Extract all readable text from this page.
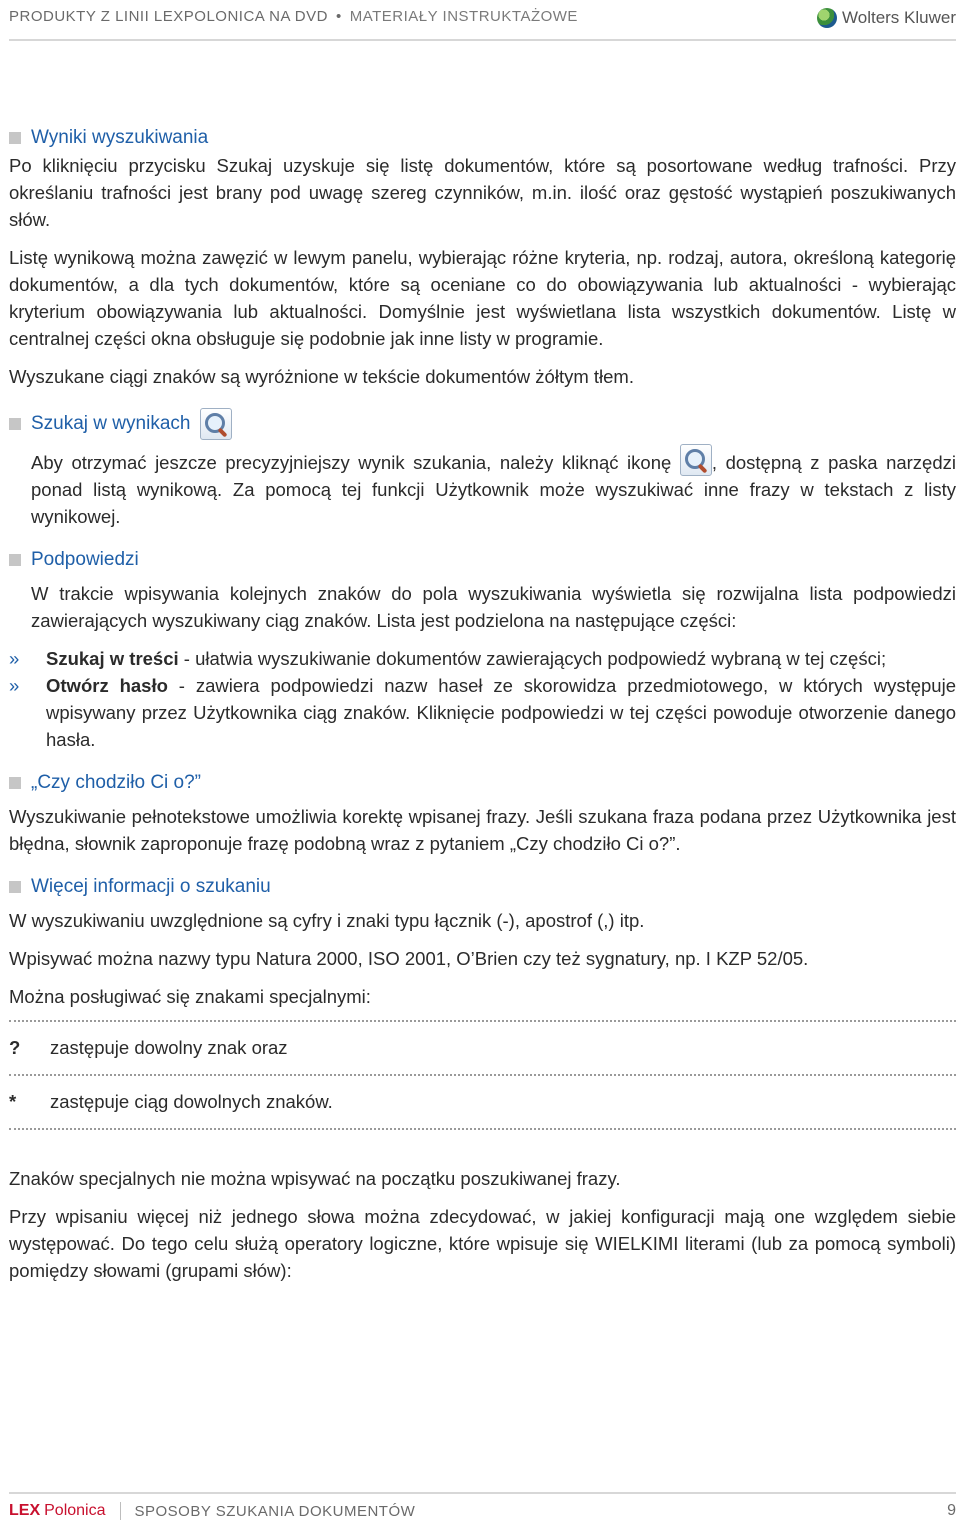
PRODUKTY Z LINII LEXPOLONICA NA DVD • MATERIAŁY INSTRUKTAŻOWE	Wolters Kluwer
Wyniki wyszukiwania

Po kliknięciu przycisku Szukaj uzyskuje się listę dokumentów, które są posortowane według trafności. Przy określaniu trafności jest brany pod uwagę szereg czynników, m.in. ilość oraz gęstość wystąpień poszukiwanych słów.

Listę wynikową można zawęzić w lewym panelu, wybierając różne kryteria, np. rodzaj, autora, określoną kategorię dokumentów, a dla tych dokumentów, które są oceniane co do obowiązywania lub aktualności - wybierając kryterium obowiązywania lub aktualności. Domyślnie jest wyświetlana lista wszystkich dokumentów. Listę w centralnej części okna obsługuje się podobnie jak inne listy w programie.

Wyszukane ciągi znaków są wyróżnione w tekście dokumentów żółtym tłem.

Szukaj w wynikach

Aby otrzymać jeszcze precyzyjniejszy wynik szukania, należy kliknąć ikonę , dostępną z paska narzędzi ponad listą wynikową. Za pomocą tej funkcji Użytkownik może wyszukiwać inne frazy w tekstach z listy wynikowej.

Podpowiedzi

W trakcie wpisywania kolejnych znaków do pola wyszukiwania wyświetla się rozwijalna lista podpowiedzi zawierających wyszukiwany ciąg znaków. Lista jest podzielona na następujące części:

» Szukaj w treści - ułatwia wyszukiwanie dokumentów zawierających podpowiedź wybraną w tej części;
» Otwórz hasło - zawiera podpowiedzi nazw haseł ze skorowidza przedmiotowego, w których występuje wpisywany przez Użytkownika ciąg znaków. Kliknięcie podpowiedzi w tej części powoduje otworzenie danego hasła.
„Czy chodziło Ci o?”

Wyszukiwanie pełnotekstowe umożliwia korektę wpisanej frazy. Jeśli szukana fraza podana przez Użytkownika jest błędna, słownik zaproponuje frazę podobną wraz z pytaniem „Czy chodziło Ci o?”.

Więcej informacji o szukaniu

W wyszukiwaniu uwzględnione są cyfry i znaki typu łącznik (-), apostrof (,) itp.

Wpisywać można nazwy typu Natura 2000, ISO 2001, O’Brien czy też sygnatury, np. I KZP 52/05.

Można posługiwać się znakami specjalnymi:

?	zastępuje dowolny znak oraz
*	zastępuje ciąg dowolnych znaków.

Znaków specjalnych nie można wpisywać na początku poszukiwanej frazy.

Przy wpisaniu więcej niż jednego słowa można zdecydować, w jakiej konfiguracji mają one względem siebie występować. Do tego celu służą operatory logiczne, które wpisuje się WIELKIMI literami (lub za pomocą symboli) pomiędzy słowami (grupami słów):

LEX Polonica SPOSOBY SZUKANIA DOKUMENTÓW	9
